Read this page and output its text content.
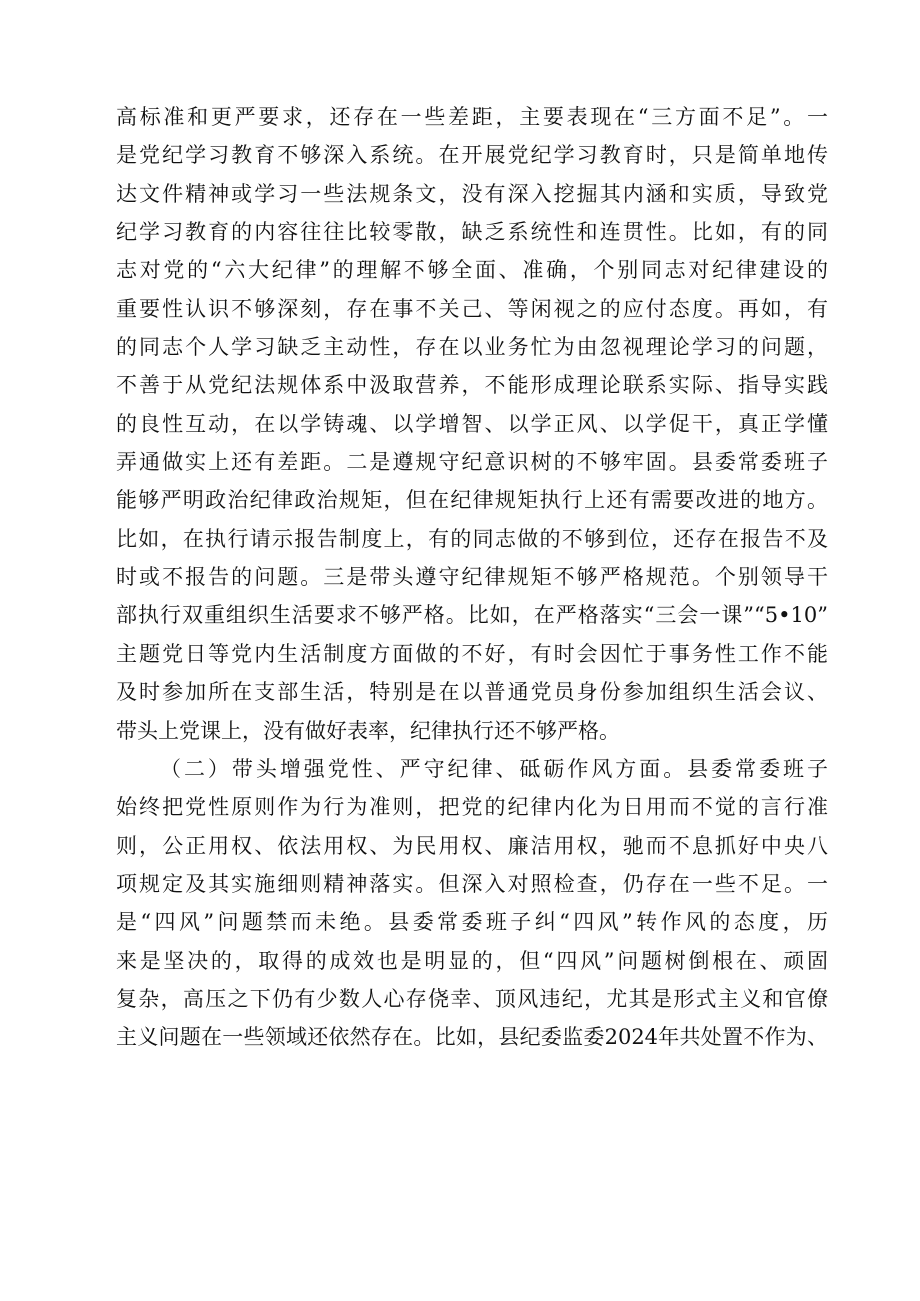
高标准和更严要求，还存在一些差距，主要表现在“三方面不足”。一
是党纪学习教育不够深入系统。在开展党纪学习教育时，只是简单地传
达文件精神或学习一些法规条文，没有深入挖掘其内涵和实质，导致党
纪学习教育的内容往往比较零散，缺乏系统性和连贯性。比如，有的同
志对党的“六大纪律”的理解不够全面、准确，个别同志对纪律建设的
重要性认识不够深刻，存在事不关己、等闲视之的应付态度。再如，有
的同志个人学习缺乏主动性，存在以业务忙为由忽视理论学习的问题，
不善于从党纪法规体系中汲取营养，不能形成理论联系实际、指导实践
的良性互动，在以学铸魂、以学增智、以学正风、以学促干，真正学懂
弄通做实上还有差距。二是遵规守纪意识树的不够牢固。县委常委班子
能够严明政治纪律政治规矩，但在纪律规矩执行上还有需要改进的地方。
比如，在执行请示报告制度上，有的同志做的不够到位，还存在报告不及
时或不报告的问题。三是带头遵守纪律规矩不够严格规范。个别领导干
部执行双重组织生活要求不够严格。比如，在严格落实“三会一课”“5•10”
主题党日等党内生活制度方面做的不好，有时会因忙于事务性工作不能
及时参加所在支部生活，特别是在以普通党员身份参加组织生活会议、
带头上党课上，没有做好表率，纪律执行还不够严格。
（二）带头增强党性、严守纪律、砥砺作风方面。县委常委班子
始终把党性原则作为行为准则，把党的纪律内化为日用而不觉的言行准
则，公正用权、依法用权、为民用权、廉洁用权，驰而不息抓好中央八
项规定及其实施细则精神落实。但深入对照检查，仍存在一些不足。一
是“四风”问题禁而未绝。县委常委班子纠“四风”转作风的态度，历
来是坚决的，取得的成效也是明显的，但“四风”问题树倒根在、顽固
复杂，高压之下仍有少数人心存侥幸、顶风违纪，尤其是形式主义和官僚
主义问题在一些领域还依然存在。比如，县纪委监委2024年共处置不作为、
